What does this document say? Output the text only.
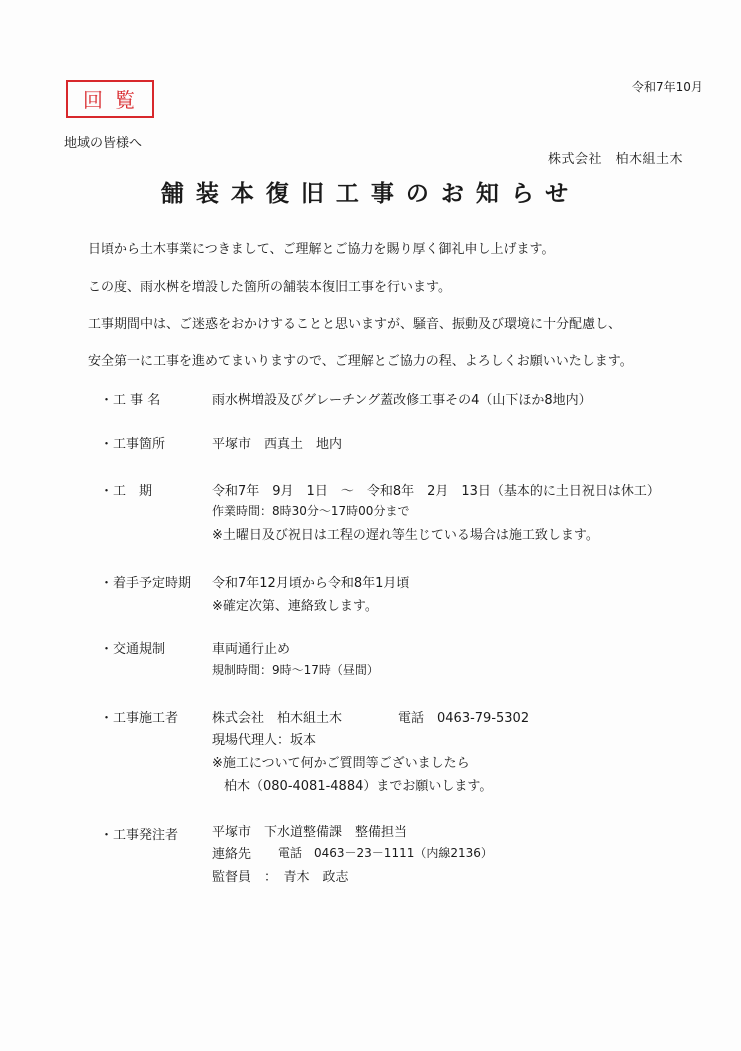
回覧
令和7年10月
地域の皆様へ
株式会社　柏木組土木
舗装本復旧工事のお知らせ
日頃から土木事業につきまして、ご理解とご協力を賜り厚く御礼申し上げます。
この度、雨水桝を増設した箇所の舗装本復旧工事を行います。
工事期間中は、ご迷惑をおかけすることと思いますが、騒音、振動及び環境に十分配慮し、
安全第一に工事を進めてまいりますので、ご理解とご協力の程、よろしくお願いいたします。
・工 事 名	雨水桝増設及びグレーチング蓋改修工事その4（山下ほか8地内）
・工事箇所	平塚市　西真土　地内
・工　期	令和7年　9月　1日　～　令和8年　2月　13日（基本的に土日祝日は休工）
作業時間：8時30分～17時00分まで
※土曜日及び祝日は工程の遅れ等生じている場合は施工致します。
・着手予定時期 令和7年12月頃から令和8年1月頃
※確定次第、連絡致します。
・交通規制	車両通行止め
規制時間：9時～17時（昼間）
・工事施工者	株式会社　柏木組土木	電話　0463-79-5302
現場代理人：坂本
※施工について何かご質問等ございましたら
柏木（080-4081-4884）までお願いします。
・工事発注者	平塚市　下水道整備課　整備担当
連絡先 電話　0463－23－1111（内線2136）
監督員　：　青木　政志
